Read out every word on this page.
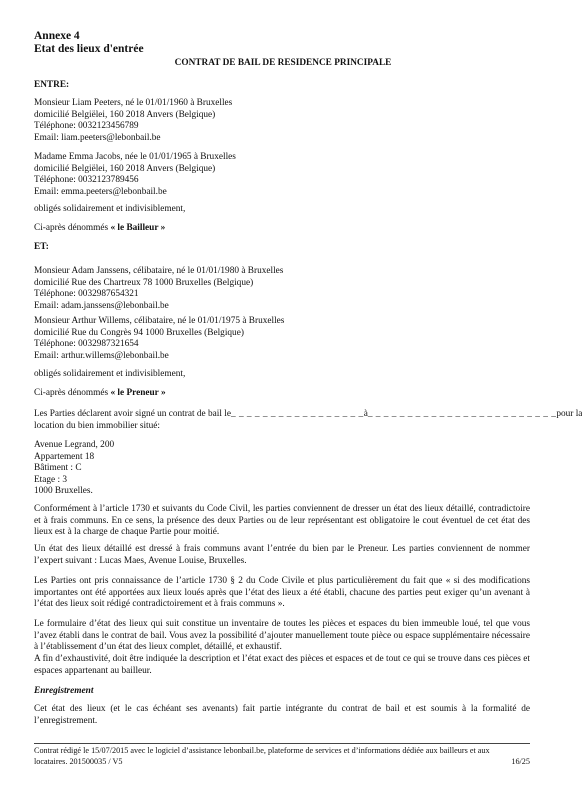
Annexe 4
Etat des lieux d'entrée
CONTRAT DE BAIL DE RESIDENCE PRINCIPALE
ENTRE:
Monsieur Liam Peeters, né le 01/01/1960 à Bruxelles
domicilié Belgiëlei, 160 2018 Anvers (Belgique)
Téléphone: 0032123456789
Email: liam.peeters@lebonbail.be
Madame Emma Jacobs, née le 01/01/1965 à Bruxelles
domicilié Belgiëlei, 160 2018 Anvers (Belgique)
Téléphone: 0032123789456
Email: emma.peeters@lebonbail.be
obligés solidairement et indivisiblement,
Ci-après dénommés « le Bailleur »
ET:
Monsieur Adam Janssens, célibataire, né le 01/01/1980 à Bruxelles
domicilié Rue des Chartreux 78 1000 Bruxelles (Belgique)
Téléphone: 0032987654321
Email: adam.janssens@lebonbail.be
Monsieur Arthur Willems, célibataire, né le 01/01/1975 à Bruxelles
domicilié Rue du Congrès 94 1000 Bruxelles (Belgique)
Téléphone: 0032987321654
Email: arthur.willems@lebonbail.be
obligés solidairement et indivisiblement,
Ci-après dénommés « le Preneur »
Les Parties déclarent avoir signé un contrat de bail le _ _ _ _ _ _ _ _ _ _ _ _ _ _ _ _ _ à _ _ _ _ _ _ _ _ _ _ _ _ _ _ _ _ _ _ _ _ _ _ _ _ pour la
location du bien immobilier situé:
Avenue Legrand, 200
Appartement 18
Bâtiment : C
Etage : 3
1000 Bruxelles.
Conformément à l’article 1730 et suivants du Code Civil, les parties conviennent de dresser un état des lieux détaillé, contradictoire et à frais communs. En ce sens, la présence des deux Parties ou de leur représentant est obligatoire le cout éventuel de cet état des lieux est à la charge de chaque Partie pour moitié.
Un état des lieux détaillé est dressé à frais communs avant l’entrée du bien par le Preneur. Les parties conviennent de nommer l’expert suivant : Lucas Maes, Avenue Louise, Bruxelles.
Les Parties ont pris connaissance de l’article 1730 § 2 du Code Civile et plus particulièrement du fait que « si des modifications importantes ont été apportées aux lieux loués après que l’état des lieux a été établi, chacune des parties peut exiger qu’un avenant à l’état des lieux soit rédigé contradictoirement et à frais communs ».
Le formulaire d’état des lieux qui suit constitue un inventaire de toutes les pièces et espaces du bien immeuble loué, tel que vous l’avez établi dans le contrat de bail. Vous avez la possibilité d’ajouter manuellement toute pièce ou espace supplémentaire nécessaire à l’établissement d’un état des lieux complet, détaillé, et exhaustif.
A fin d’exhaustivité, doit être indiquée la description et l’état exact des pièces et espaces et de tout ce qui se trouve dans ces pièces et espaces appartenant au bailleur.
Enregistrement
Cet état des lieux (et le cas échéant ses avenants) fait partie intégrante du contrat de bail et est soumis à la formalité de l’enregistrement.
Contrat rédigé le 15/07/2015 avec le logiciel d’assistance lebonbail.be, plateforme de services et d’informations dédiée aux bailleurs et aux
locataires. 201500035 / V5	16/25
